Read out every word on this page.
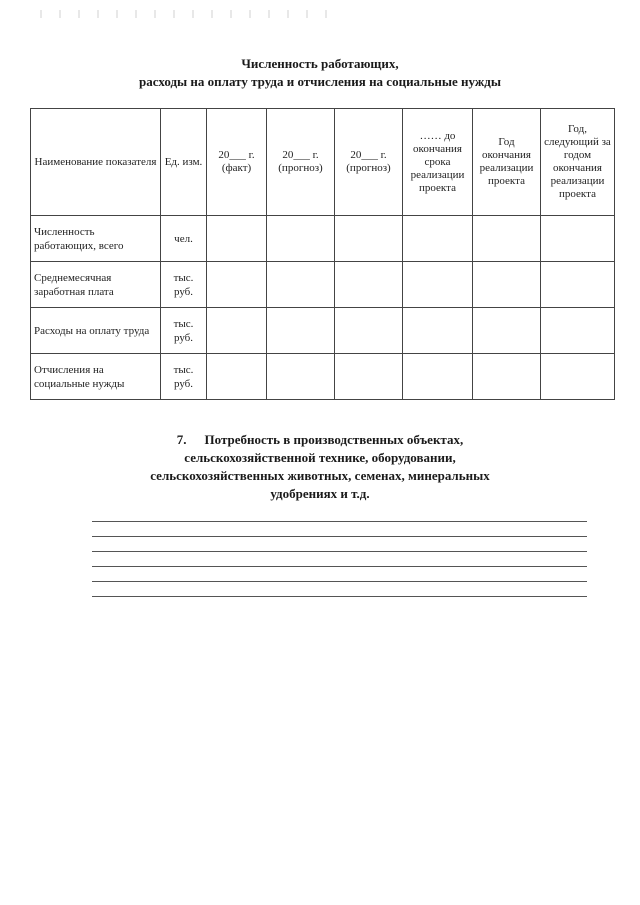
Численность работающих,
расходы на оплату труда и отчисления на социальные нужды
Наименование показателя	Ед. изм.	20___ г. (факт)	20___ г. (прогноз)	20___ г. (прогноз)	…… до окончания срока реализации проекта	Год окончания реализации проекта	Год, следующий за годом окончания реализации проекта
Численность работающих, всего	чел.						
Среднемесячная заработная плата	тыс. руб.						
Расходы на оплату труда	тыс. руб.						
Отчисления на социальные нужды	тыс. руб.						
7. Потребность в производственных объектах,
сельскохозяйственной технике, оборудовании,
сельскохозяйственных животных, семенах, минеральных
удобрениях и т.д.
